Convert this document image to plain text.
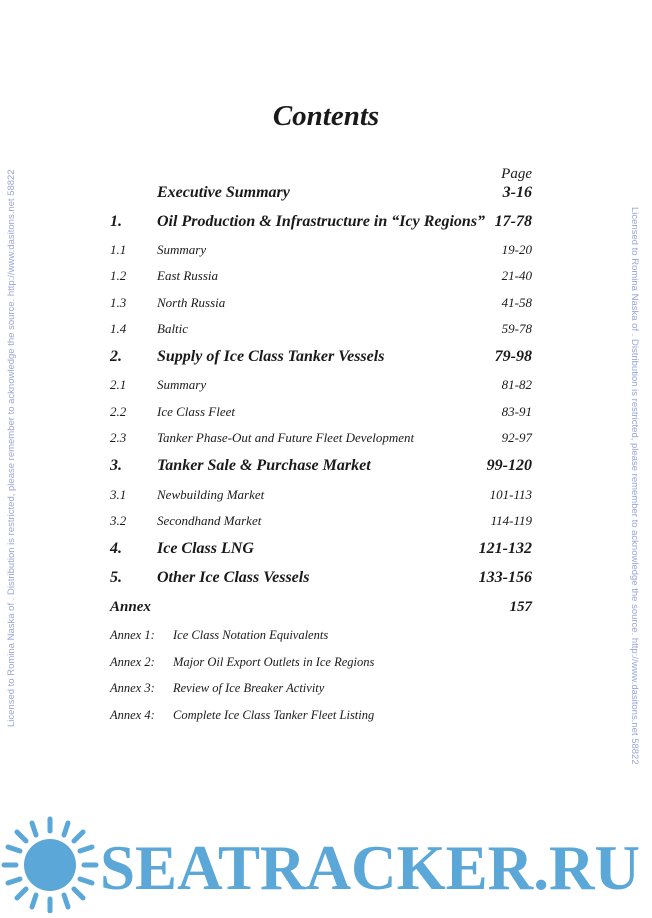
Licensed to Romina Naska of . Distribution is restricted, please remember to acknowledge the source. http://www.dasitons.net 58822	Licensed to Romina Naska of . Distribution is restricted, please remember to acknowledge the source. http://www.dasitons.net 58822
Contents
Page
Executive Summary	3-16
1. Oil Production & Infrastructure in “Icy Regions” 17-78
1.1 Summary	19-20
1.2 East Russia	21-40
1.3 North Russia	41-58
1.4 Baltic	59-78
2. Supply of Ice Class Tanker Vessels	79-98
2.1 Summary	81-82
2.2 Ice Class Fleet	83-91
2.3 Tanker Phase-Out and Future Fleet Development	92-97
3. Tanker Sale & Purchase Market	99-120
3.1 Newbuilding Market	101-113
3.2 Secondhand Market	114-119
4. Ice Class LNG	121-132
5. Other Ice Class Vessels	133-156
Annex	157
Annex 1: Ice Class Notation Equivalents
Annex 2: Major Oil Export Outlets in Ice Regions
Annex 3: Review of Ice Breaker Activity
Annex 4: Complete Ice Class Tanker Fleet Listing
SEATRACKER.RU
